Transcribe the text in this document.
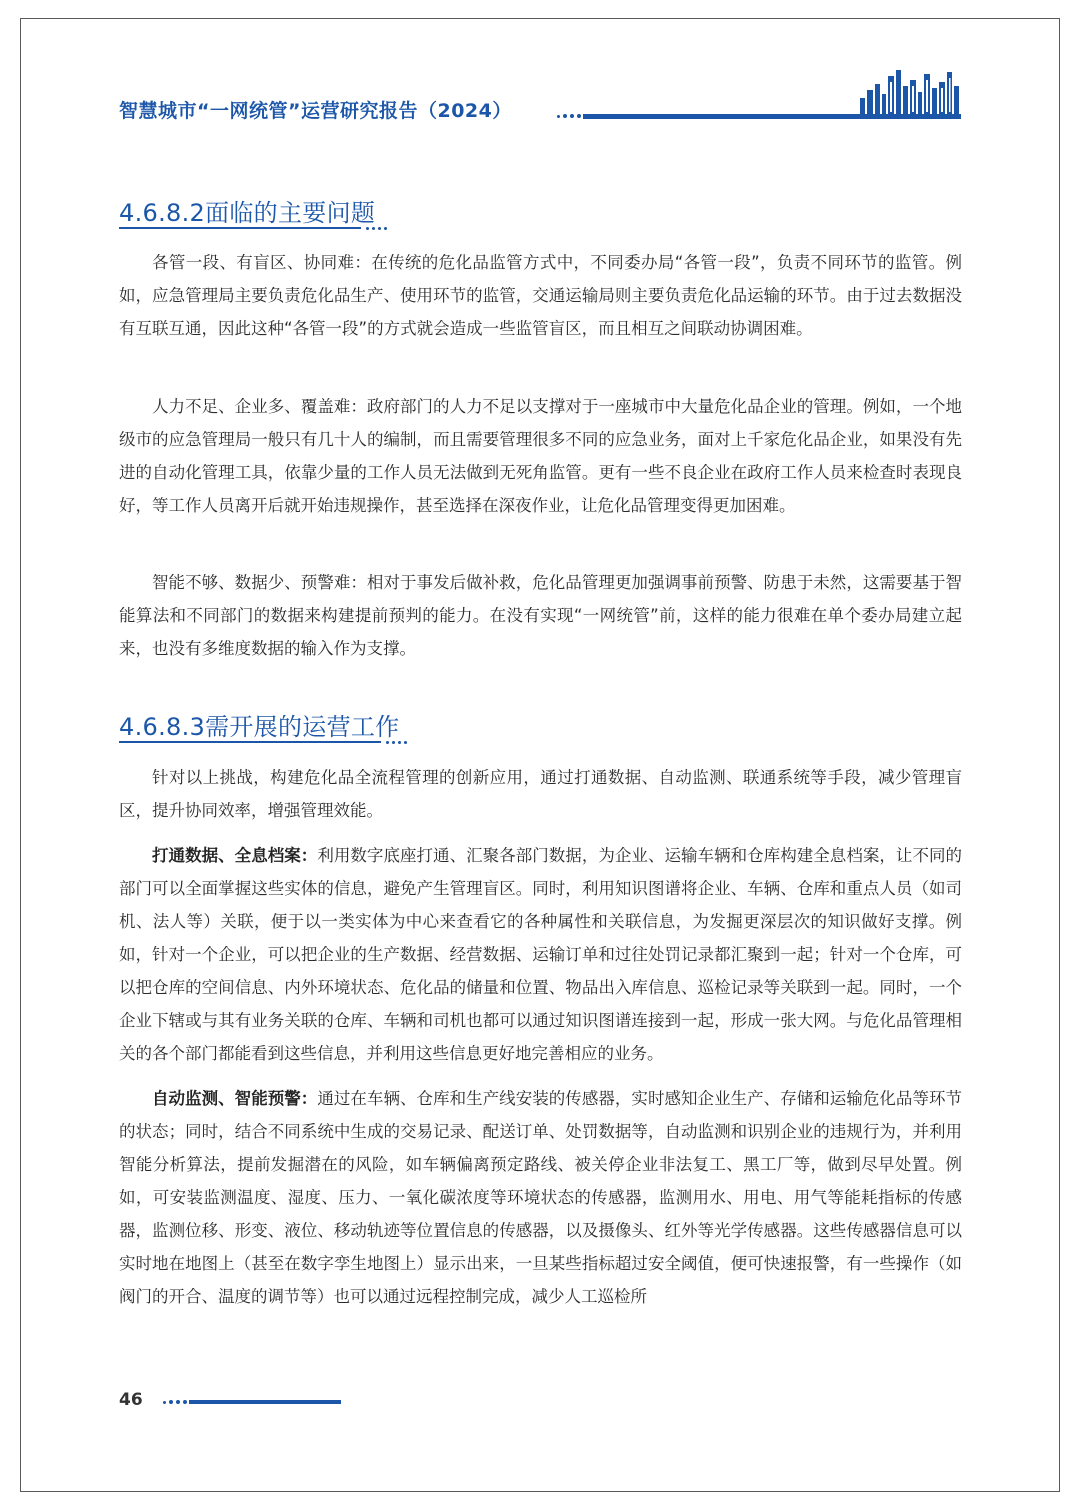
智慧城市“一网统管”运营研究报告（2024）
4.6.8.2面临的主要问题

各管一段、有盲区、协同难：在传统的危化品监管方式中，不同委办局“各管一段”，负责不同环节的监管。例如，应急管理局主要负责危化品生产、使用环节的监管，交通运输局则主要负责危化品运输的环节。由于过去数据没有互联互通，因此这种“各管一段”的方式就会造成一些监管盲区，而且相互之间联动协调困难。

人力不足、企业多、覆盖难：政府部门的人力不足以支撑对于一座城市中大量危化品企业的管理。例如，一个地级市的应急管理局一般只有几十人的编制，而且需要管理很多不同的应急业务，面对上千家危化品企业，如果没有先进的自动化管理工具，依靠少量的工作人员无法做到无死角监管。更有一些不良企业在政府工作人员来检查时表现良好，等工作人员离开后就开始违规操作，甚至选择在深夜作业，让危化品管理变得更加困难。

智能不够、数据少、预警难：相对于事发后做补救，危化品管理更加强调事前预警、防患于未然，这需要基于智能算法和不同部门的数据来构建提前预判的能力。在没有实现“一网统管”前，这样的能力很难在单个委办局建立起来，也没有多维度数据的输入作为支撑。

4.6.8.3需开展的运营工作

针对以上挑战，构建危化品全流程管理的创新应用，通过打通数据、自动监测、联通系统等手段，减少管理盲区，提升协同效率，增强管理效能。

打通数据、全息档案：利用数字底座打通、汇聚各部门数据，为企业、运输车辆和仓库构建全息档案，让不同的部门可以全面掌握这些实体的信息，避免产生管理盲区。同时，利用知识图谱将企业、车辆、仓库和重点人员（如司机、法人等）关联，便于以一类实体为中心来查看它的各种属性和关联信息，为发掘更深层次的知识做好支撑。例如，针对一个企业，可以把企业的生产数据、经营数据、运输订单和过往处罚记录都汇聚到一起；针对一个仓库，可以把仓库的空间信息、内外环境状态、危化品的储量和位置、物品出入库信息、巡检记录等关联到一起。同时，一个企业下辖或与其有业务关联的仓库、车辆和司机也都可以通过知识图谱连接到一起，形成一张大网。与危化品管理相关的各个部门都能看到这些信息，并利用这些信息更好地完善相应的业务。

自动监测、智能预警：通过在车辆、仓库和生产线安装的传感器，实时感知企业生产、存储和运输危化品等环节的状态；同时，结合不同系统中生成的交易记录、配送订单、处罚数据等，自动监测和识别企业的违规行为，并利用智能分析算法，提前发掘潜在的风险，如车辆偏离预定路线、被关停企业非法复工、黑工厂等，做到尽早处置。例如，可安装监测温度、湿度、压力、一氧化碳浓度等环境状态的传感器，监测用水、用电、用气等能耗指标的传感器，监测位移、形变、液位、移动轨迹等位置信息的传感器，以及摄像头、红外等光学传感器。这些传感器信息可以实时地在地图上（甚至在数字孪生地图上）显示出来，一旦某些指标超过安全阈值，便可快速报警，有一些操作（如阀门的开合、温度的调节等）也可以通过远程控制完成，减少人工巡检所

46
